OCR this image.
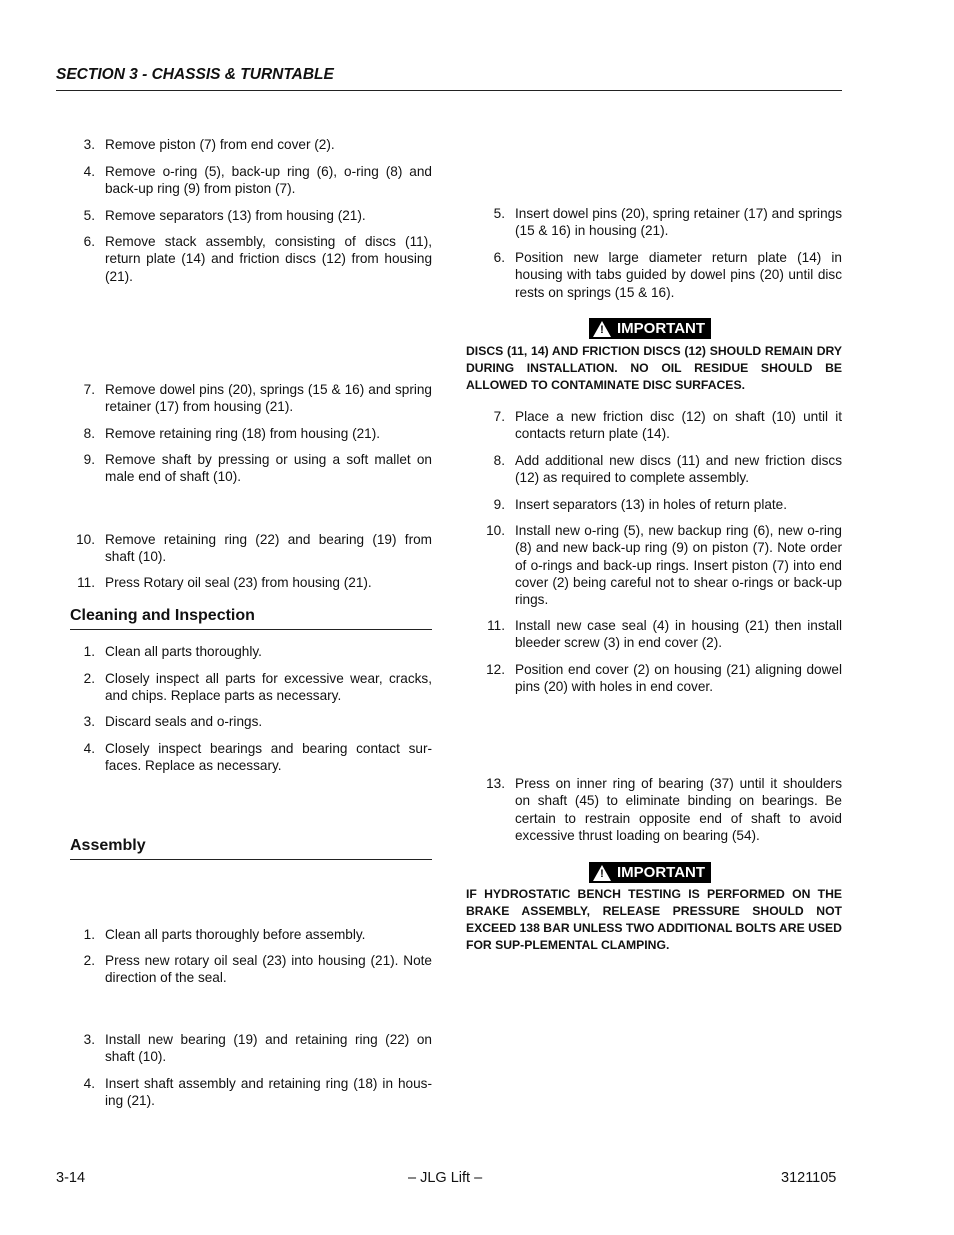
SECTION 3 - CHASSIS & TURNTABLE
3. Remove piston (7) from end cover (2).
4. Remove o-ring (5), back-up ring (6), o-ring (8) and back-up ring (9) from piston (7).
5. Remove separators (13) from housing (21).
6. Remove stack assembly, consisting of discs (11), return plate (14) and friction discs (12) from housing (21).
7. Remove dowel pins (20), springs (15 & 16) and spring retainer (17) from housing (21).
8. Remove retaining ring (18) from housing (21).
9. Remove shaft by pressing or using a soft mallet on male end of shaft (10).
10. Remove retaining ring (22) and bearing (19) from shaft (10).
11. Press Rotary oil seal (23) from housing (21).
Cleaning and Inspection
1. Clean all parts thoroughly.
2. Closely inspect all parts for excessive wear, cracks, and chips. Replace parts as necessary.
3. Discard seals and o-rings.
4. Closely inspect bearings and bearing contact sur-faces. Replace as necessary.
Assembly
1. Clean all parts thoroughly before assembly.
2. Press new rotary oil seal (23) into housing (21). Note direction of the seal.
3. Install new bearing (19) and retaining ring (22) on shaft (10).
4. Insert shaft assembly and retaining ring (18) in hous-ing (21).
5. Insert dowel pins (20), spring retainer (17) and springs (15 & 16) in housing (21).
6. Position new large diameter return plate (14) in housing with tabs guided by dowel pins (20) until disc rests on springs (15 & 16).
! IMPORTANT
DISCS (11, 14) AND FRICTION DISCS (12) SHOULD REMAIN DRY DURING INSTALLATION. NO OIL RESIDUE SHOULD BE ALLOWED TO CONTAMINATE DISC SURFACES.
7. Place a new friction disc (12) on shaft (10) until it contacts return plate (14).
8. Add additional new discs (11) and new friction discs (12) as required to complete assembly.
9. Insert separators (13) in holes of return plate.
10. Install new o-ring (5), new backup ring (6), new o-ring (8) and new back-up ring (9) on piston (7). Note order of o-rings and back-up rings. Insert piston (7) into end cover (2) being careful not to shear o-rings or back-up rings.
11. Install new case seal (4) in housing (21) then install bleeder screw (3) in end cover (2).
12. Position end cover (2) on housing (21) aligning dowel pins (20) with holes in end cover.
13. Press on inner ring of bearing (37) until it shoulders on shaft (45) to eliminate binding on bearings. Be certain to restrain opposite end of shaft to avoid excessive thrust loading on bearing (54).
! IMPORTANT
IF HYDROSTATIC BENCH TESTING IS PERFORMED ON THE BRAKE ASSEMBLY, RELEASE PRESSURE SHOULD NOT EXCEED 138 BAR UNLESS TWO ADDITIONAL BOLTS ARE USED FOR SUP-PLEMENTAL CLAMPING.
3-14	– JLG Lift –	3121105
